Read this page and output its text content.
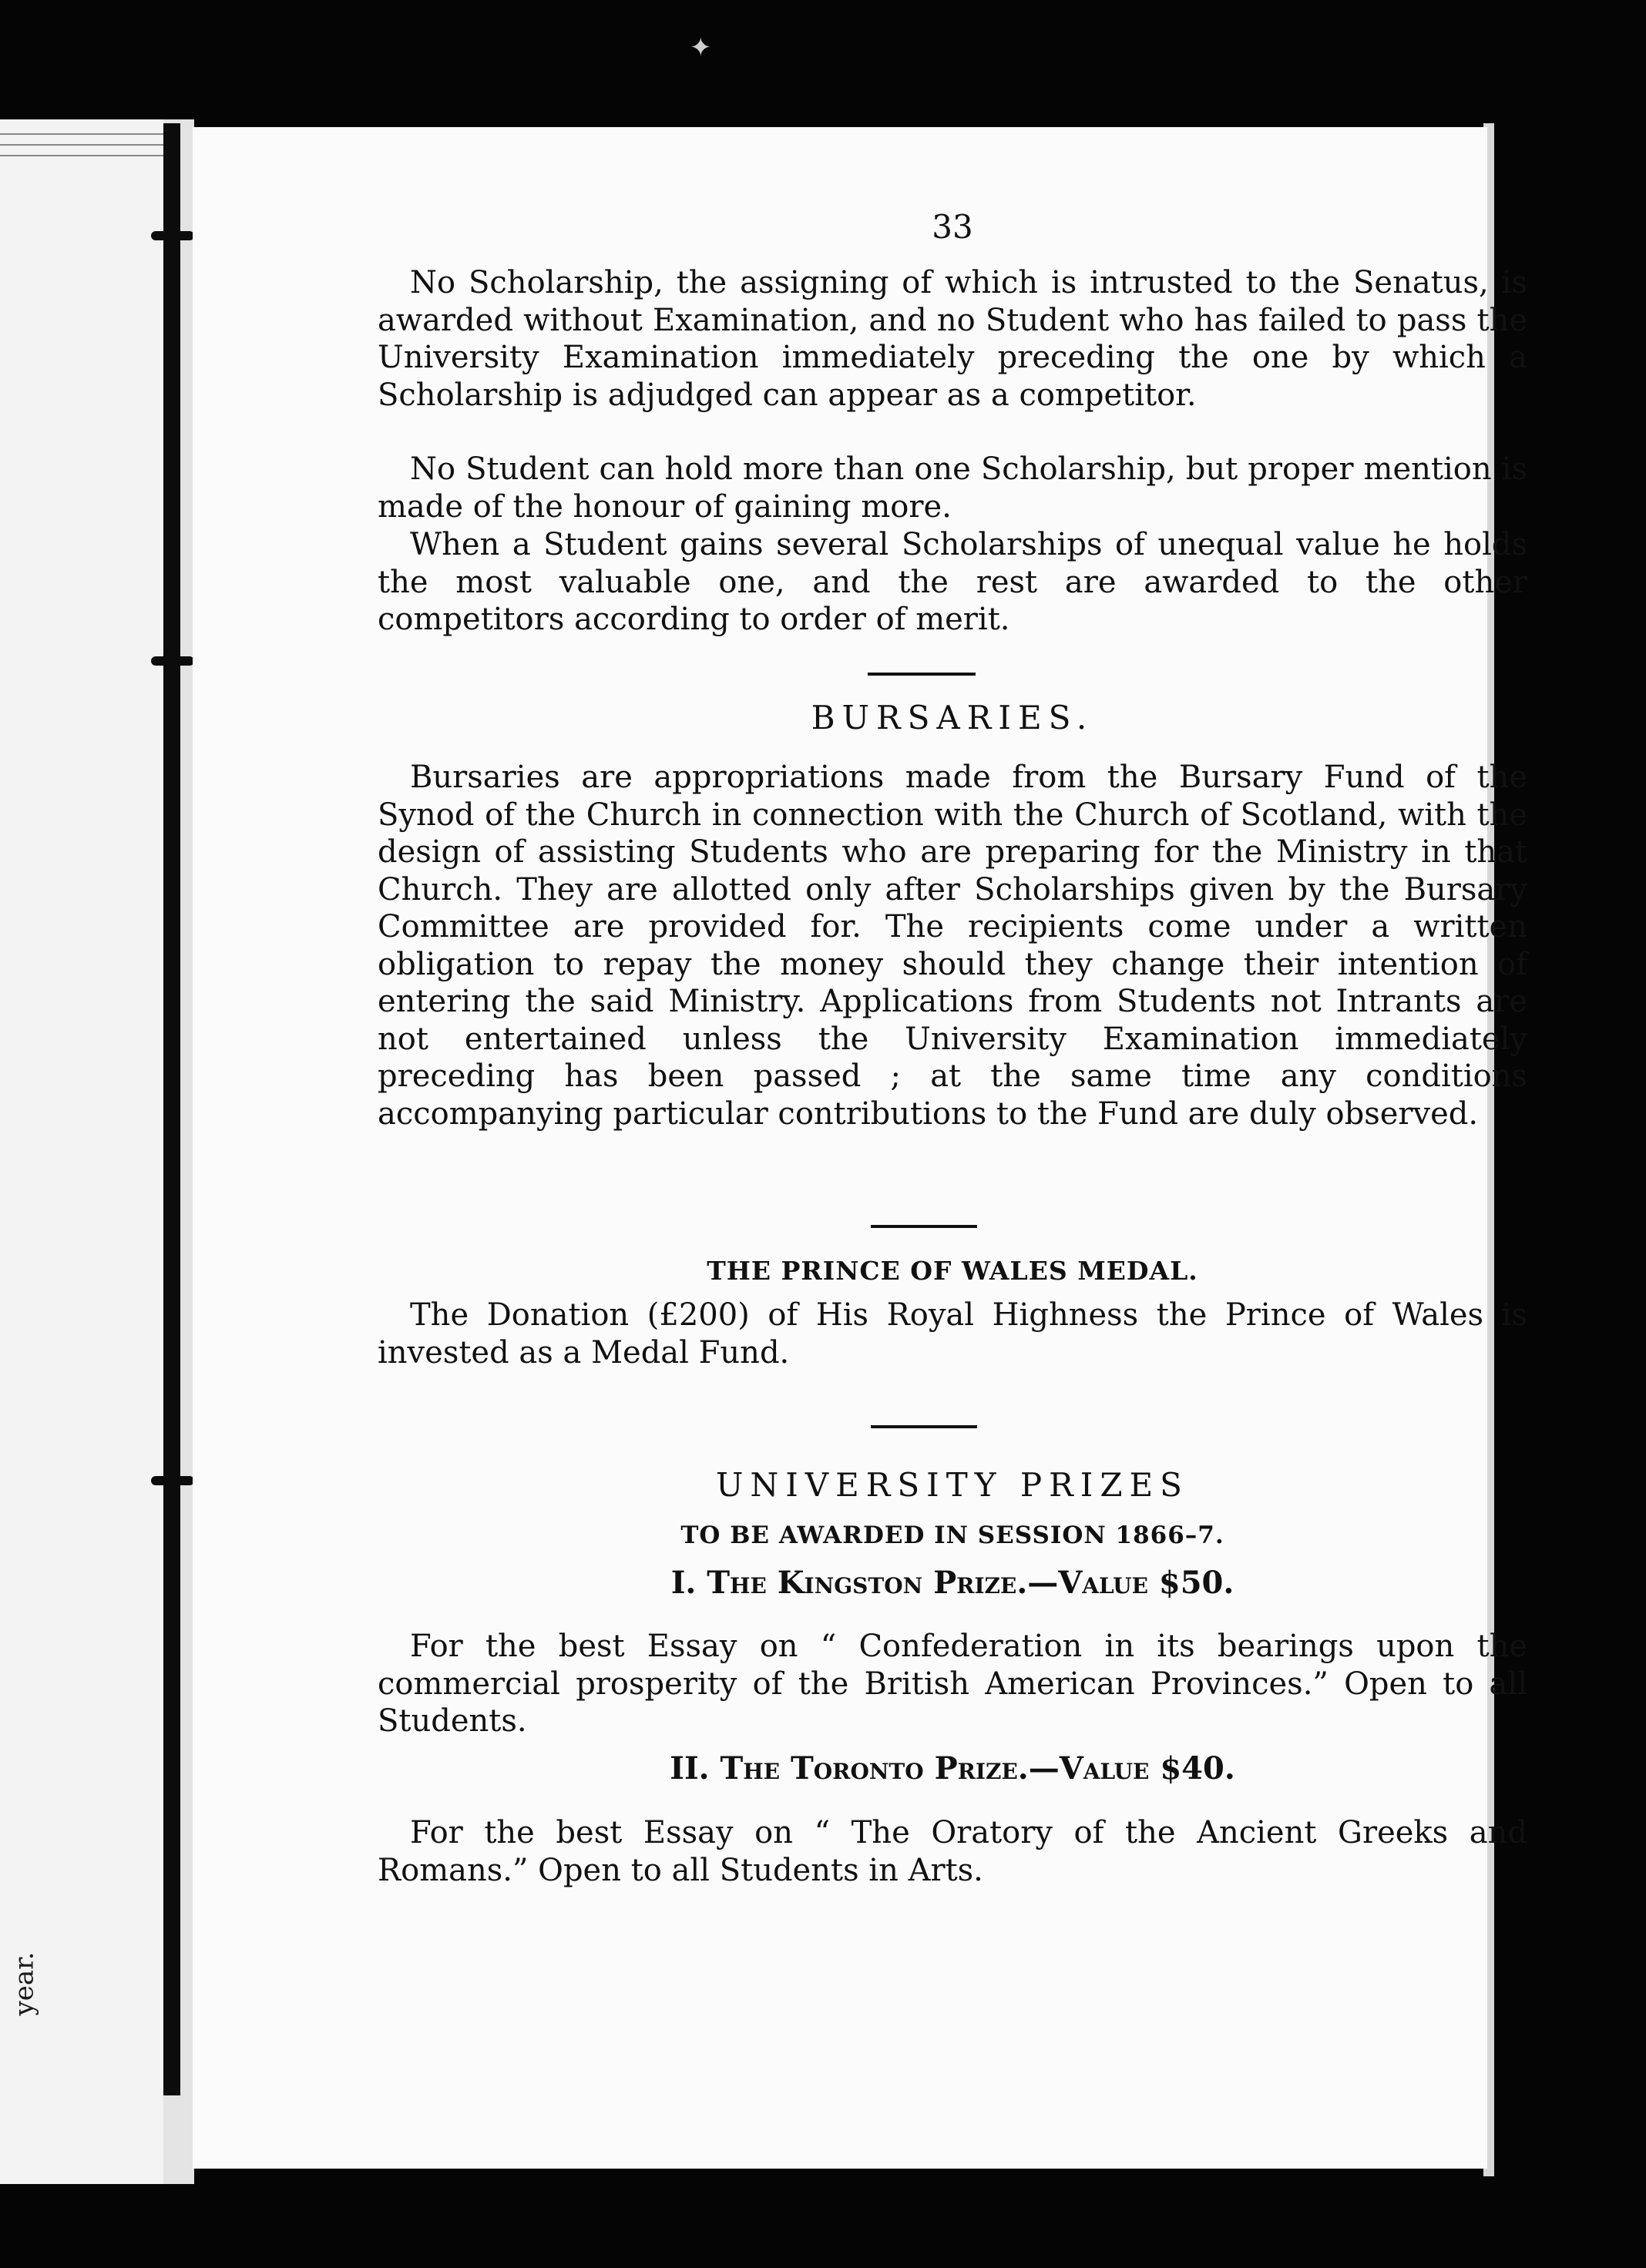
✦
year.
33

No Scholarship, the assigning of which is intrusted to the Senatus, is awarded without Examination, and no Student who has failed to pass the University Examination immediately preceding the one by which a Scholarship is adjudged can appear as a competitor.

No Student can hold more than one Scholarship, but proper mention is made of the honour of gaining more.

When a Student gains several Scholarships of unequal value he holds the most valuable one, and the rest are awarded to the other competitors according to order of merit.

BURSARIES.

Bursaries are appropriations made from the Bursary Fund of the Synod of the Church in connection with the Church of Scotland, with the design of assisting Students who are preparing for the Ministry in that Church. They are allotted only after Scholarships given by the Bursary Committee are provided for. The recipients come under a written obligation to repay the money should they change their intention of entering the said Ministry. Applications from Students not Intrants are not entertained unless the University Examination immediately preceding has been passed ; at the same time any conditions accompanying particular contributions to the Fund are duly observed.

THE PRINCE OF WALES MEDAL.

The Donation (£200) of His Royal Highness the Prince of Wales is invested as a Medal Fund.

UNIVERSITY PRIZES
TO BE AWARDED IN SESSION 1866–7.
I. The Kingston Prize.—Value $50.

For the best Essay on “ Confederation in its bearings upon the commercial prosperity of the British American Provinces.” Open to all Students.

II. The Toronto Prize.—Value $40.

For the best Essay on “ The Oratory of the Ancient Greeks and Romans.” Open to all Students in Arts.
